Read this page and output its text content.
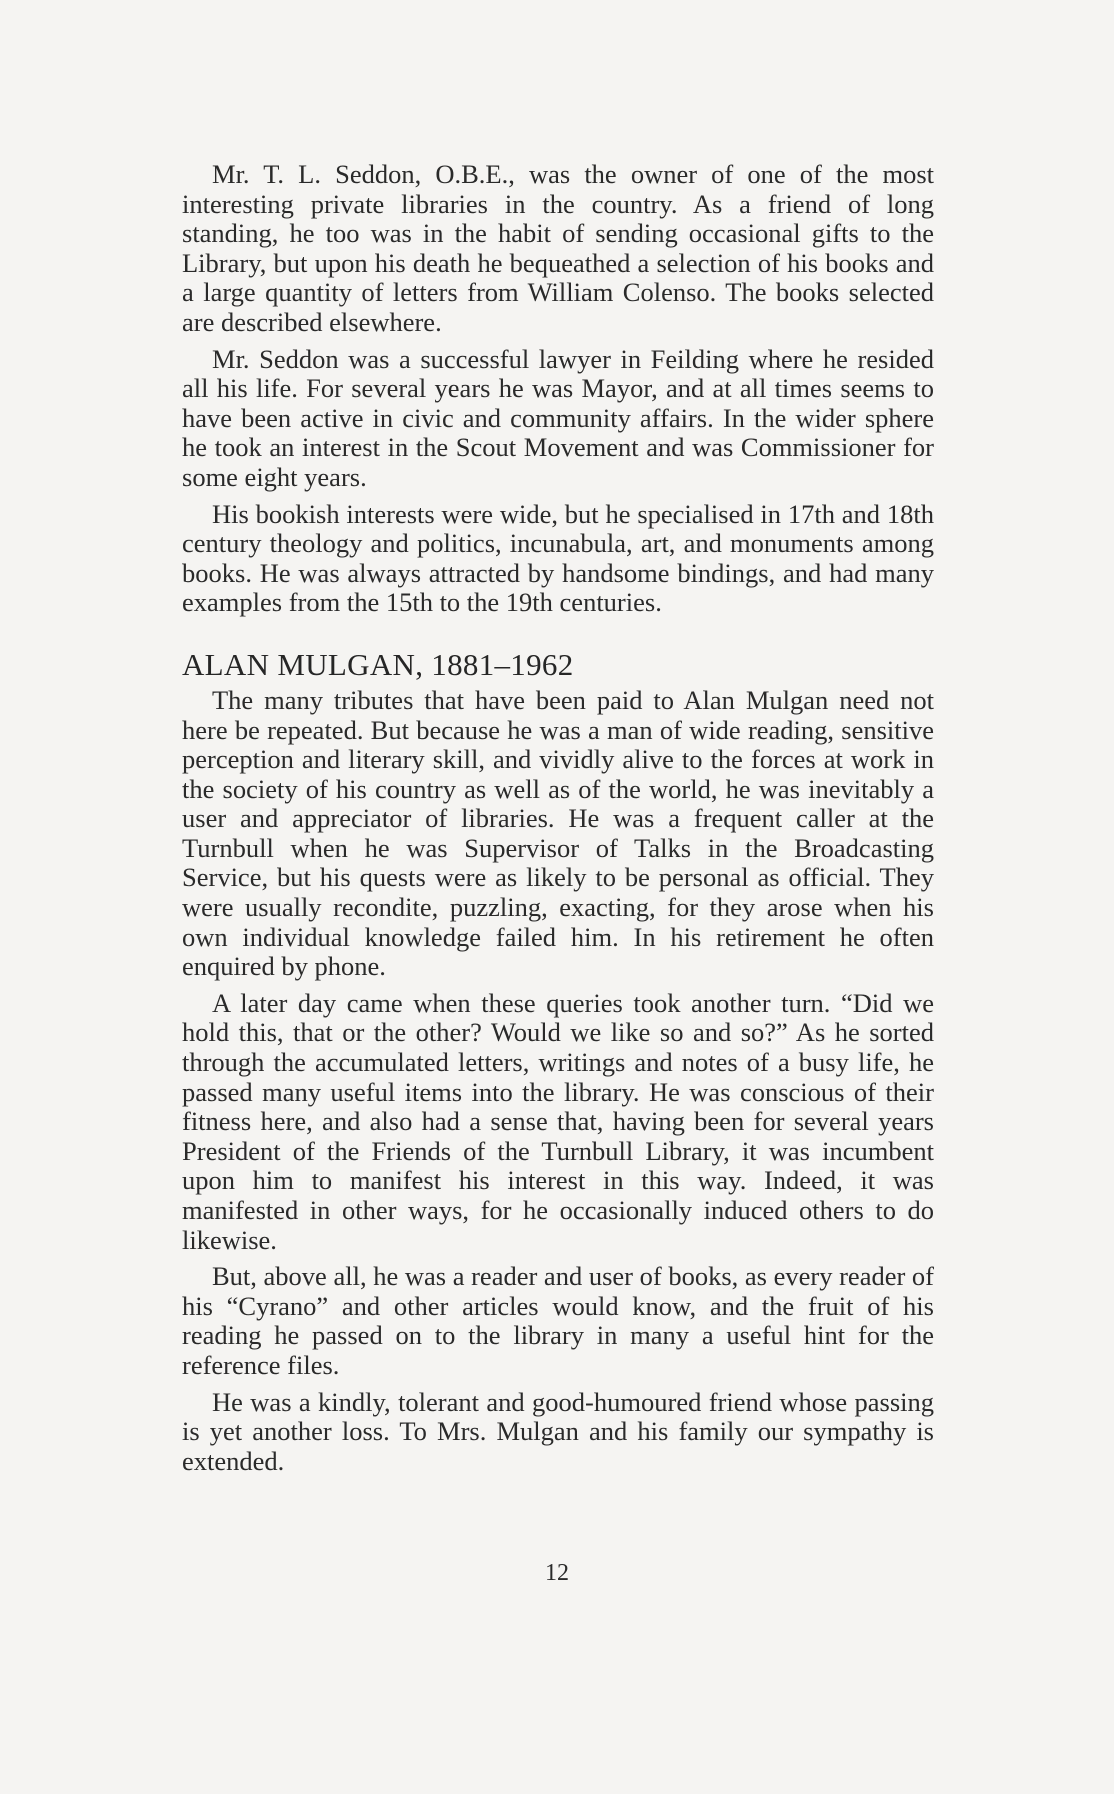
Mr. T. L. Seddon, O.B.E., was the owner of one of the most interesting private libraries in the country. As a friend of long standing, he too was in the habit of sending occasional gifts to the Library, but upon his death he bequeathed a selection of his books and a large quantity of letters from William Colenso. The books selected are described elsewhere.

Mr. Seddon was a successful lawyer in Feilding where he resided all his life. For several years he was Mayor, and at all times seems to have been active in civic and community affairs. In the wider sphere he took an interest in the Scout Movement and was Commissioner for some eight years.

His bookish interests were wide, but he specialised in 17th and 18th century theology and politics, incunabula, art, and monuments among books. He was always attracted by handsome bindings, and had many examples from the 15th to the 19th centuries.

ALAN MULGAN, 1881–1962

The many tributes that have been paid to Alan Mulgan need not here be repeated. But because he was a man of wide reading, sensitive perception and literary skill, and vividly alive to the forces at work in the society of his country as well as of the world, he was inevitably a user and appreciator of libraries. He was a frequent caller at the Turnbull when he was Supervisor of Talks in the Broadcasting Service, but his quests were as likely to be personal as official. They were usually recondite, puzzling, exacting, for they arose when his own individual knowledge failed him. In his retirement he often enquired by phone.

A later day came when these queries took another turn. “Did we hold this, that or the other? Would we like so and so?” As he sorted through the accumulated letters, writings and notes of a busy life, he passed many useful items into the library. He was conscious of their fitness here, and also had a sense that, having been for several years President of the Friends of the Turnbull Library, it was incumbent upon him to manifest his interest in this way. Indeed, it was manifested in other ways, for he occasionally induced others to do likewise.

But, above all, he was a reader and user of books, as every reader of his “Cyrano” and other articles would know, and the fruit of his reading he passed on to the library in many a useful hint for the reference files.

He was a kindly, tolerant and good-humoured friend whose passing is yet another loss. To Mrs. Mulgan and his family our sympathy is extended.

12
